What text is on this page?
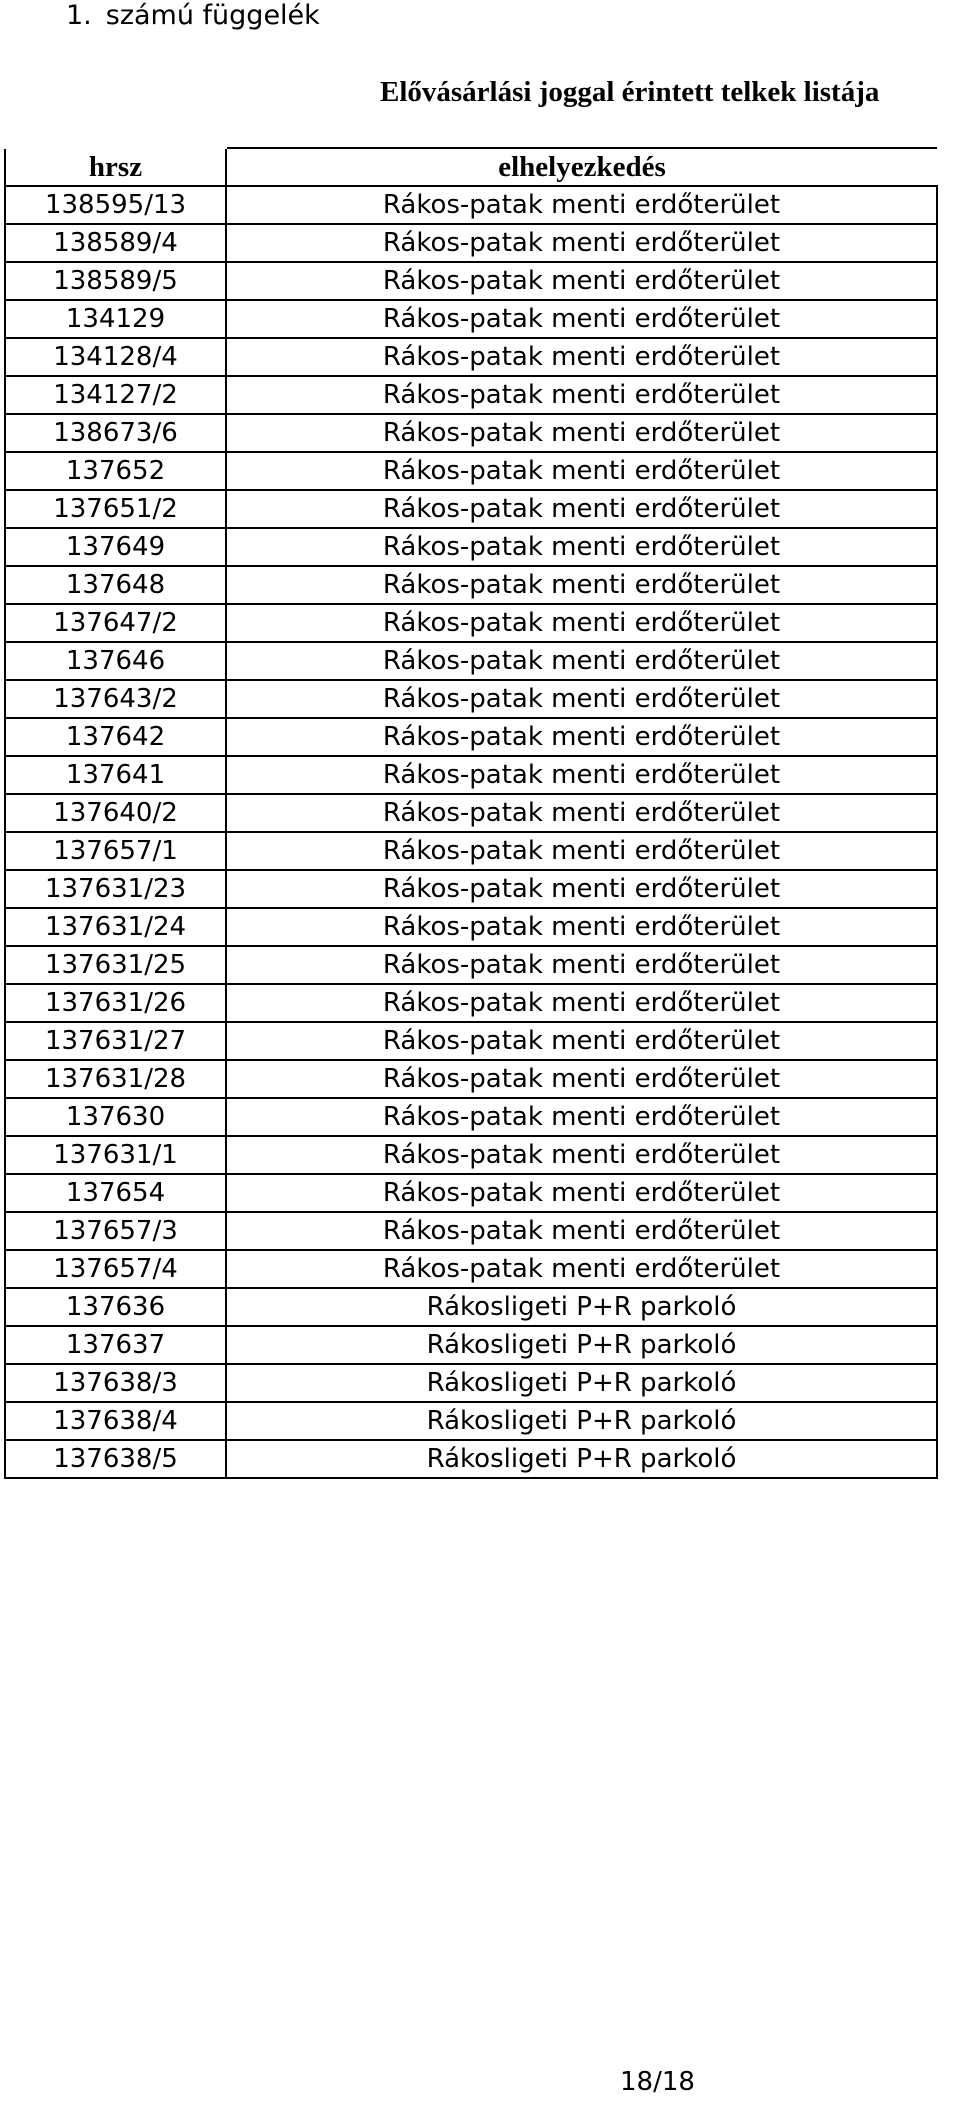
1. számú függelék
Elővásárlási joggal érintett telkek listája
hrsz	elhelyezkedés
138595/13	Rákos-patak menti erdőterület
138589/4	Rákos-patak menti erdőterület
138589/5	Rákos-patak menti erdőterület
134129	Rákos-patak menti erdőterület
134128/4	Rákos-patak menti erdőterület
134127/2	Rákos-patak menti erdőterület
138673/6	Rákos-patak menti erdőterület
137652	Rákos-patak menti erdőterület
137651/2	Rákos-patak menti erdőterület
137649	Rákos-patak menti erdőterület
137648	Rákos-patak menti erdőterület
137647/2	Rákos-patak menti erdőterület
137646	Rákos-patak menti erdőterület
137643/2	Rákos-patak menti erdőterület
137642	Rákos-patak menti erdőterület
137641	Rákos-patak menti erdőterület
137640/2	Rákos-patak menti erdőterület
137657/1	Rákos-patak menti erdőterület
137631/23	Rákos-patak menti erdőterület
137631/24	Rákos-patak menti erdőterület
137631/25	Rákos-patak menti erdőterület
137631/26	Rákos-patak menti erdőterület
137631/27	Rákos-patak menti erdőterület
137631/28	Rákos-patak menti erdőterület
137630	Rákos-patak menti erdőterület
137631/1	Rákos-patak menti erdőterület
137654	Rákos-patak menti erdőterület
137657/3	Rákos-patak menti erdőterület
137657/4	Rákos-patak menti erdőterület
137636	Rákosligeti P+R parkoló
137637	Rákosligeti P+R parkoló
137638/3	Rákosligeti P+R parkoló
137638/4	Rákosligeti P+R parkoló
137638/5	Rákosligeti P+R parkoló
18/18
